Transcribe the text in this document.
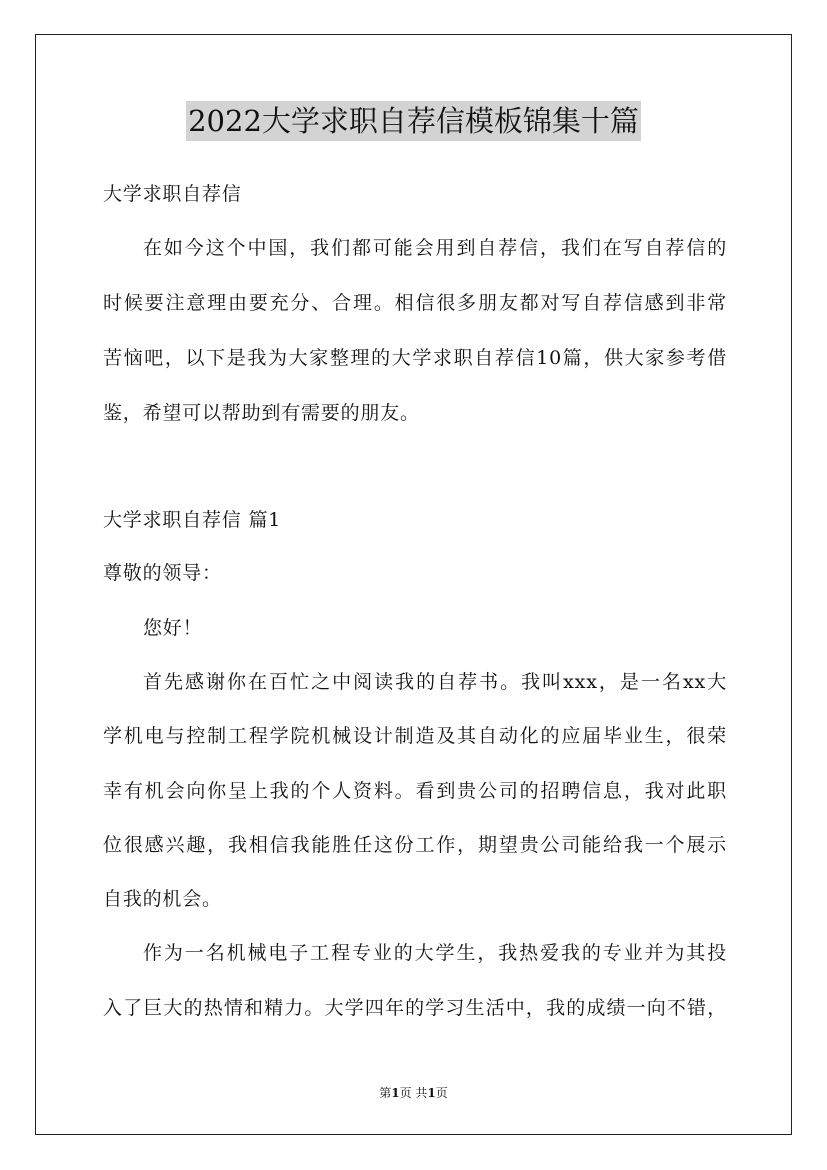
2022大学求职自荐信模板锦集十篇
大学求职自荐信
在如今这个中国，我们都可能会用到自荐信，我们在写自荐信的
时候要注意理由要充分、合理。相信很多朋友都对写自荐信感到非常
苦恼吧，以下是我为大家整理的大学求职自荐信10篇，供大家参考借
鉴，希望可以帮助到有需要的朋友。
大学求职自荐信 篇1
尊敬的领导：
您好！
首先感谢你在百忙之中阅读我的自荐书。我叫xxx，是一名xx大
学机电与控制工程学院机械设计制造及其自动化的应届毕业生，很荣
幸有机会向你呈上我的个人资料。看到贵公司的招聘信息，我对此职
位很感兴趣，我相信我能胜任这份工作，期望贵公司能给我一个展示
自我的机会。
作为一名机械电子工程专业的大学生，我热爱我的专业并为其投
入了巨大的热情和精力。大学四年的学习生活中，我的成绩一向不错，
第1页 共1页
